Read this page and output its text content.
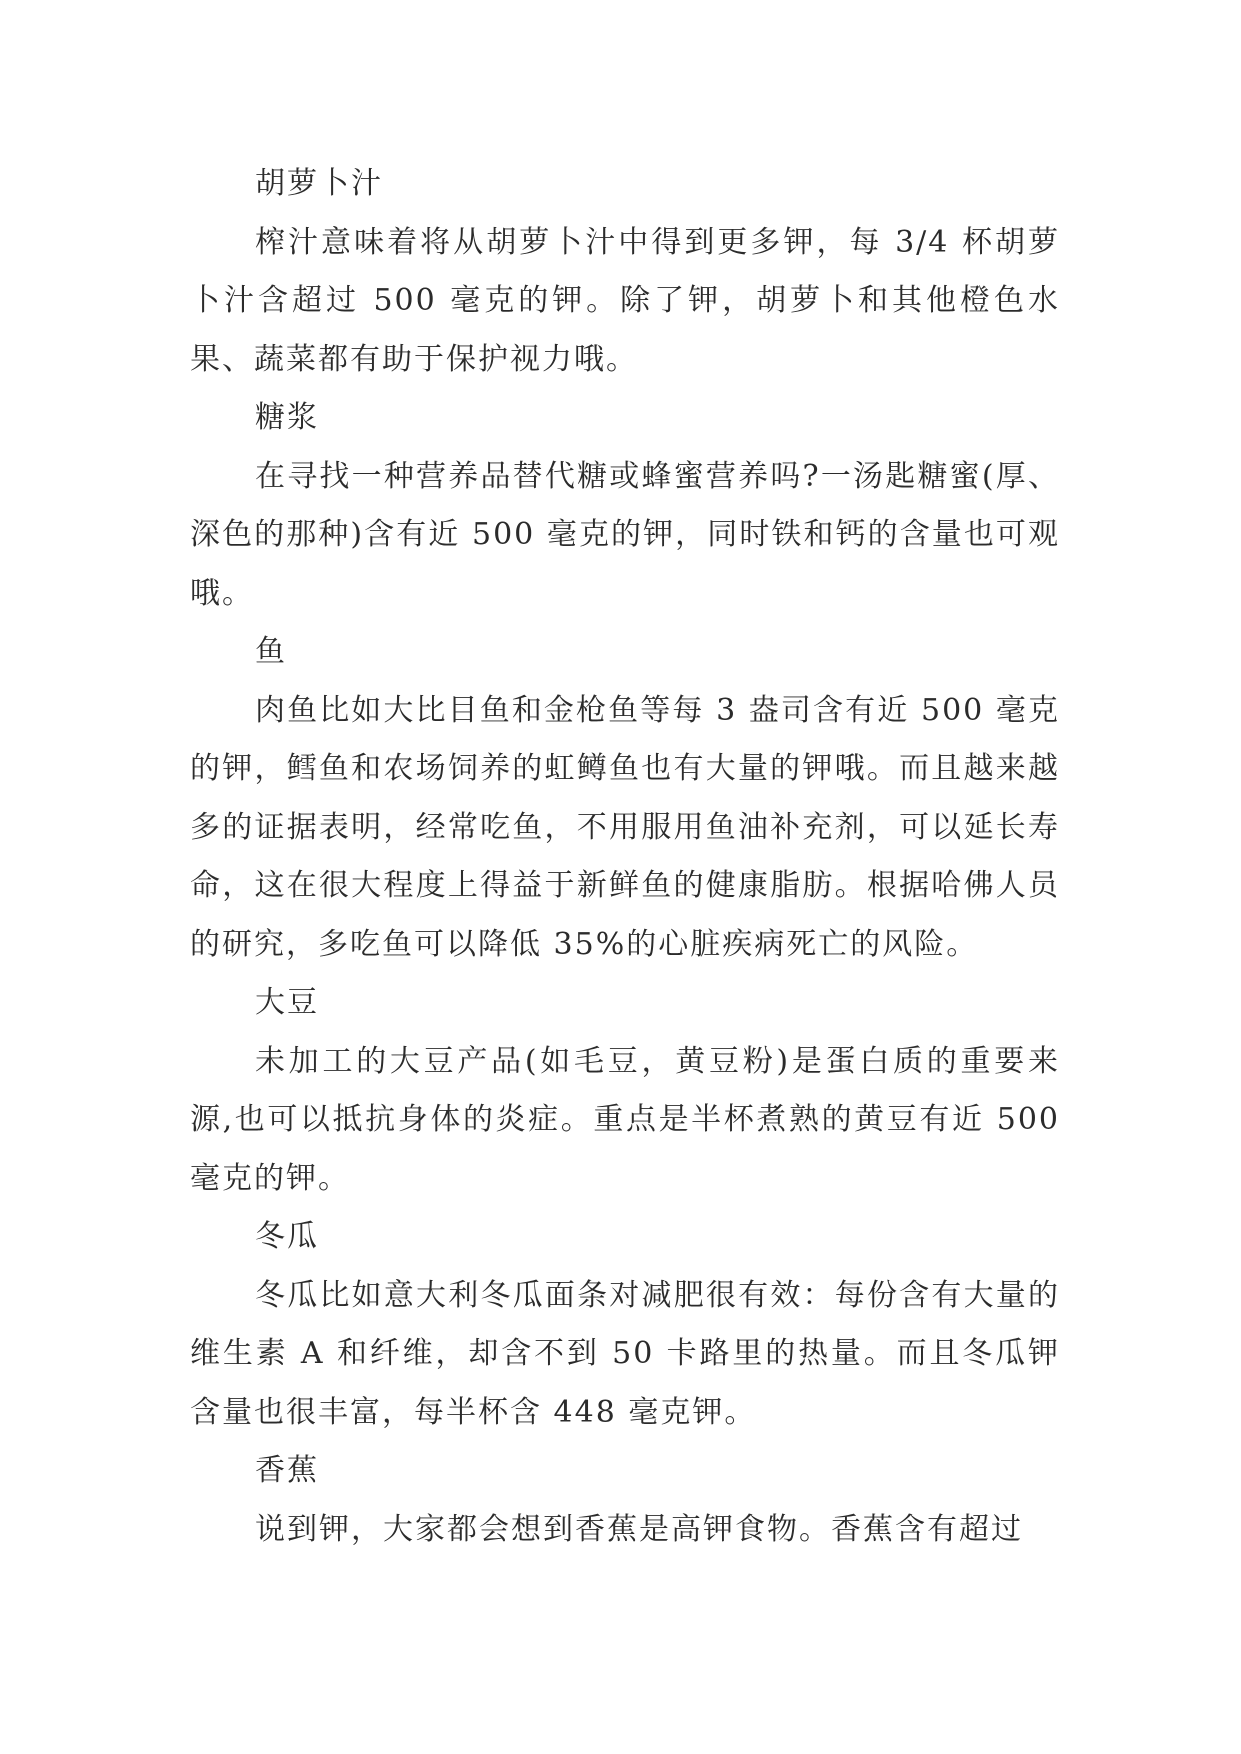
胡萝卜汁

榨汁意味着将从胡萝卜汁中得到更多钾，每 3/4 杯胡萝卜汁含超过 500 毫克的钾。除了钾，胡萝卜和其他橙色水果、蔬菜都有助于保护视力哦。

糖浆

在寻找一种营养品替代糖或蜂蜜营养吗?一汤匙糖蜜(厚、深色的那种)含有近 500 毫克的钾，同时铁和钙的含量也可观哦。

鱼

肉鱼比如大比目鱼和金枪鱼等每 3 盎司含有近 500 毫克的钾，鳕鱼和农场饲养的虹鳟鱼也有大量的钾哦。而且越来越多的证据表明，经常吃鱼，不用服用鱼油补充剂，可以延长寿命，这在很大程度上得益于新鲜鱼的健康脂肪。根据哈佛人员的研究，多吃鱼可以降低 35%的心脏疾病死亡的风险。

大豆

未加工的大豆产品(如毛豆，黄豆粉)是蛋白质的重要来源,也可以抵抗身体的炎症。重点是半杯煮熟的黄豆有近 500 毫克的钾。

冬瓜

冬瓜比如意大利冬瓜面条对减肥很有效：每份含有大量的维生素 A 和纤维，却含不到 50 卡路里的热量。而且冬瓜钾含量也很丰富，每半杯含 448 毫克钾。

香蕉

说到钾，大家都会想到香蕉是高钾食物。香蕉含有超过
